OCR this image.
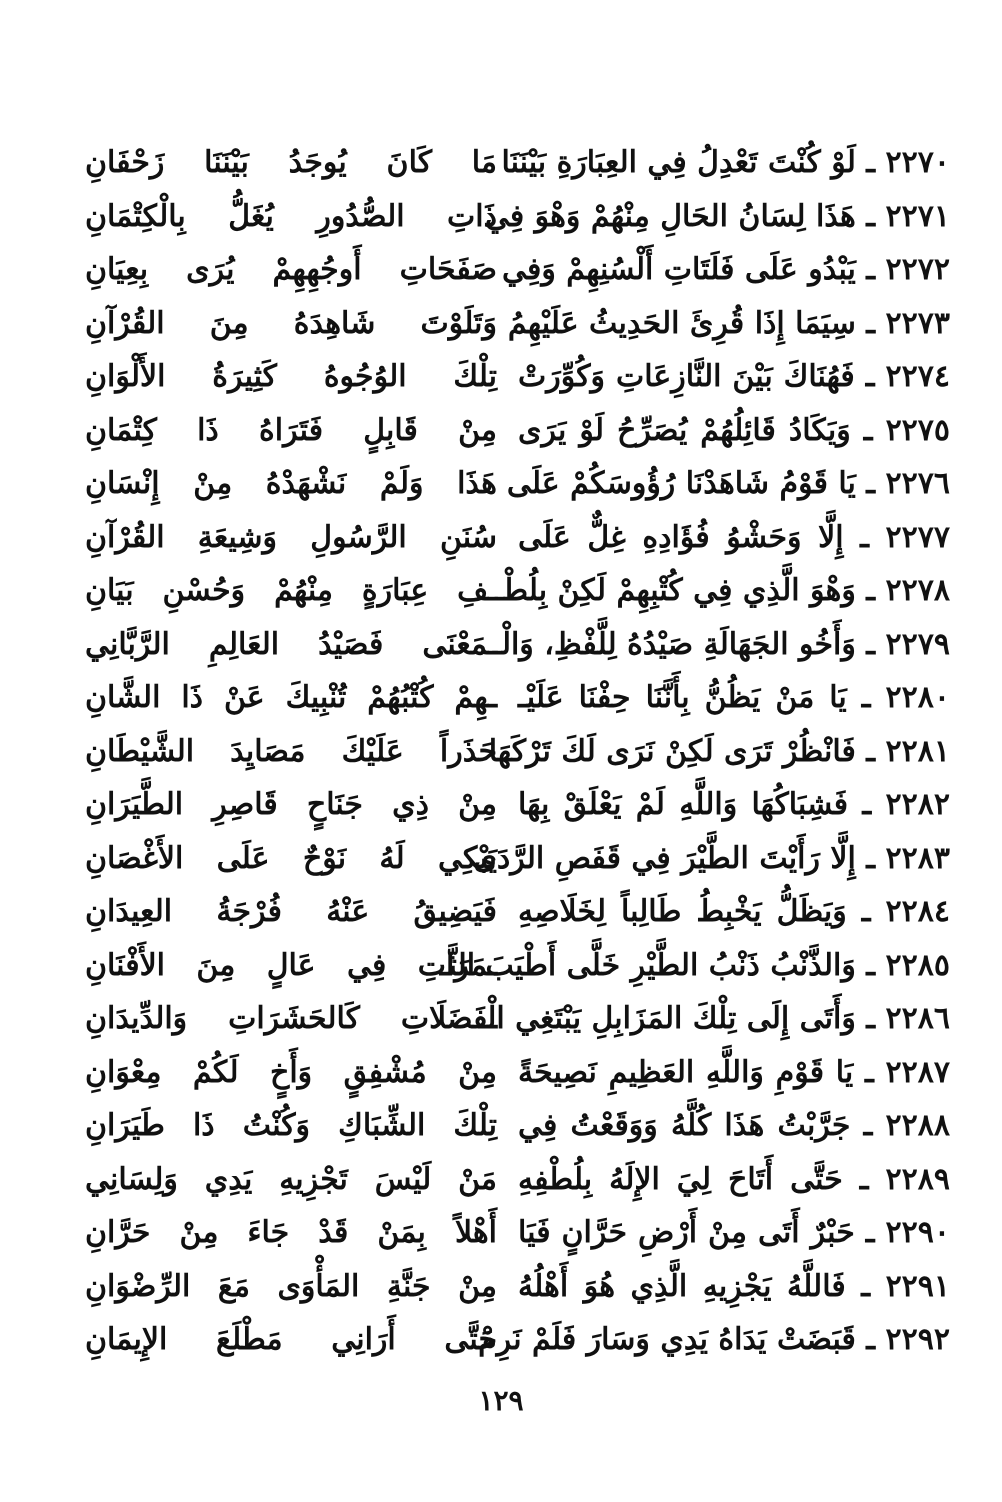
٢٢٧٠ ـ لَوْ كُنْتَ تَعْدِلُ فِي العِبَارَةِ بَيْنَنَا
مَا كَانَ يُوجَدُ بَيْنَنَا زَحْفَانِ
٢٢٧١ ـ هَذَا لِسَانُ الحَالِ مِنْهُمْ وَهْوَ فِي
ذَاتِ الصُّدُورِ يُغَلُّ بِالْكِتْمَانِ
٢٢٧٢ ـ يَبْدُو عَلَى فَلَتَاتِ أَلْسُنِهِمْ وَفِي
صَفَحَاتِ أَوجُهِهِمْ يُرَى بِعِيَانِ
٢٢٧٣ ـ سِيَمَا إِذَا قُرِئَ الحَدِيثُ عَلَيْهِمُ
وَتَلَوْتَ شَاهِدَهُ مِنَ القُرْآنِ
٢٢٧٤ ـ فَهُنَاكَ بَيْنَ النَّازِعَاتِ وَكُوِّرَتْ
تِلْكَ الوُجُوهُ كَثِيرَةُ الأَلْوَانِ
٢٢٧٥ ـ وَيَكَادُ قَائِلُهُمْ يُصَرِّحُ لَوْ يَرَى
مِنْ قَابِلٍ فَتَرَاهُ ذَا كِتْمَانِ
٢٢٧٦ ـ يَا قَوْمُ شَاهَدْنَا رُؤُوسَكُمْ عَلَى
هَذَا وَلَمْ نَشْهَدْهُ مِنْ إِنْسَانِ
٢٢٧٧ ـ إِلَّا وَحَشْوُ فُؤَادِهِ غِلٌّ عَلَى
سُنَنِ الرَّسُولِ وَشِيعَةِ القُرْآنِ
٢٢٧٨ ـ وَهْوَ الَّذِي فِي كُتْبِهِمْ لَكِنْ بِلُطْـ
ـفِ عِبَارَةٍ مِنْهُمْ وَحُسْنِ بَيَانِ
٢٢٧٩ ـ وَأَخُو الجَهَالَةِ صَيْدُهُ لِلَّفْظِ، وَالْـ
ـمَعْنَى فَصَيْدُ العَالِمِ الرَّبَّانِي
٢٢٨٠ ـ يَا مَنْ يَظُنُّ بِأَنَّنَا حِفْنَا عَلَيْـ
ـهِمْ كُتْبُهُمْ تُنْبِيكَ عَنْ ذَا الشَّانِ
٢٢٨١ ـ فَانْظُرْ تَرَى لَكِنْ نَرَى لَكَ تَرْكَهَا
حَذَراً عَلَيْكَ مَصَايِدَ الشَّيْطَانِ
٢٢٨٢ ـ فَشِبَاكُهَا وَاللَّهِ لَمْ يَعْلَقْ بِهَا
مِنْ ذِي جَنَاحٍ قَاصِرِ الطَّيَرَانِ
٢٢٨٣ ـ إِلَّا رَأَيْتَ الطَّيْرَ فِي قَفَصِ الرَّدَى
يَبْكِي لَهُ نَوْحٌ عَلَى الأَغْصَانِ
٢٢٨٤ ـ وَيَظَلُّ يَخْبِطُ طَالِباً لِخَلَاصِهِ
فَيَضِيقُ عَنْهُ فُرْجَةُ العِيدَانِ
٢٢٨٥ ـ وَالذَّنْبُ ذَنْبُ الطَّيْرِ خَلَّى أَطْيَبَ الثَّـ
ـمَرَاتِ فِي عَالٍ مِنَ الأَفْنَانِ
٢٢٨٦ ـ وَأَتَى إِلَى تِلْكَ المَزَابِلِ يَبْتَغِي الْـ
ـفَضَلَاتِ كَالحَشَرَاتِ وَالدِّيدَانِ
٢٢٨٧ ـ يَا قَوْمِ وَاللَّهِ العَظِيمِ نَصِيحَةً
مِنْ مُشْفِقٍ وَأَخٍ لَكُمْ مِعْوَانِ
٢٢٨٨ ـ جَرَّبْتُ هَذَا كُلَّهُ وَوَقَعْتُ فِي
تِلْكَ الشِّبَاكِ وَكُنْتُ ذَا طَيَرَانِ
٢٢٨٩ ـ حَتَّى أَتَاحَ لِيَ الإِلَهُ بِلُطْفِهِ
مَنْ لَيْسَ تَجْزِيهِ يَدِي وَلِسَانِي
٢٢٩٠ ـ حَبْرٌ أَتَى مِنْ أَرْضِ حَرَّانٍ فَيَا
أَهْلاً بِمَنْ قَدْ جَاءَ مِنْ حَرَّانِ
٢٢٩١ ـ فَاللَّهُ يَجْزِيهِ الَّذِي هُوَ أَهْلُهُ
مِنْ جَنَّةِ المَأْوَى مَعَ الرِّضْوَانِ
٢٢٩٢ ـ قَبَضَتْ يَدَاهُ يَدِي وَسَارَ فَلَمْ نَرِمْ
حَتَّى أَرَانِي مَطْلَعَ الإِيمَانِ
١٢٩
